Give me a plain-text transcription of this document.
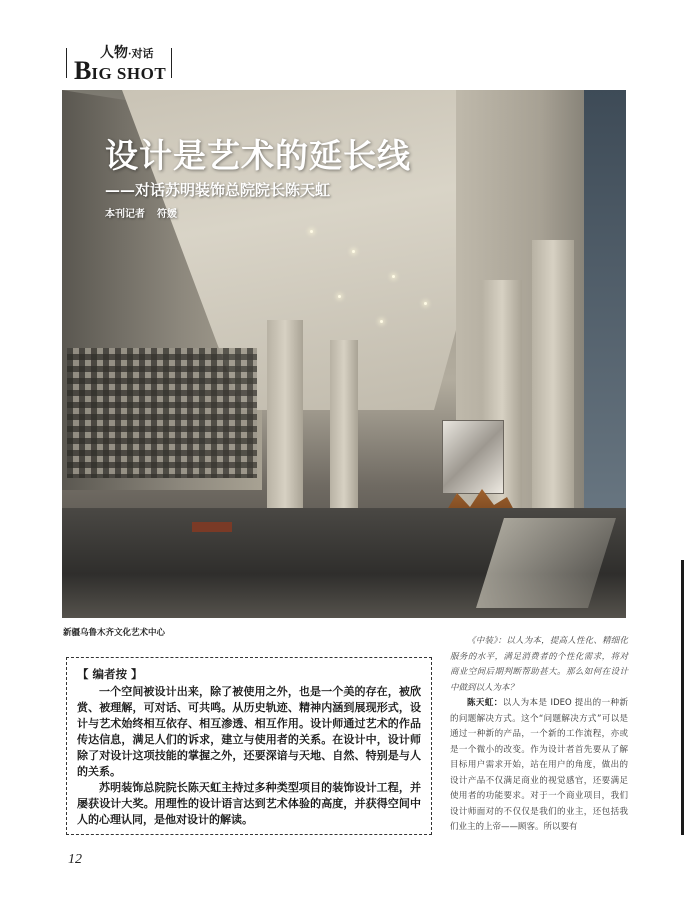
人物·对话
BIG SHOT
设计是艺术的延长线
——对话苏明装饰总院院长陈天虹
本刊记者 符媛
新疆乌鲁木齐文化艺术中心
【 编者按 】

一个空间被设计出来，除了被使用之外，也是一个美的存在，被欣赏、被理解，可对话、可共鸣。从历史轨迹、精神内涵到展现形式，设计与艺术始终相互依存、相互渗透、相互作用。设计师通过艺术的作品传达信息，满足人们的诉求，建立与使用者的关系。在设计中，设计师除了对设计这项技能的掌握之外，还要深谙与天地、自然、特别是与人的关系。

苏明装饰总院院长陈天虹主持过多种类型项目的装饰设计工程，并屡获设计大奖。用理性的设计语言达到艺术体验的高度，并获得空间中人的心理认同，是他对设计的解读。

《中装》：以人为本，提高人性化、精细化服务的水平，满足消费者的个性化需求，将对商业空间后期判断帮助甚大。那么如何在设计中做到以人为本？

陈天虹：以人为本是 IDEO 提出的一种新的问题解决方式。这个“问题解决方式”可以是通过一种新的产品，一个新的工作流程，亦或是一个微小的改变。作为设计者首先要从了解目标用户需求开始，站在用户的角度，做出的设计产品不仅满足商业的视觉感官，还要满足使用者的功能要求。对于一个商业项目，我们设计师面对的不仅仅是我们的业主，还包括我们业主的上帝——顾客。所以要有

12
